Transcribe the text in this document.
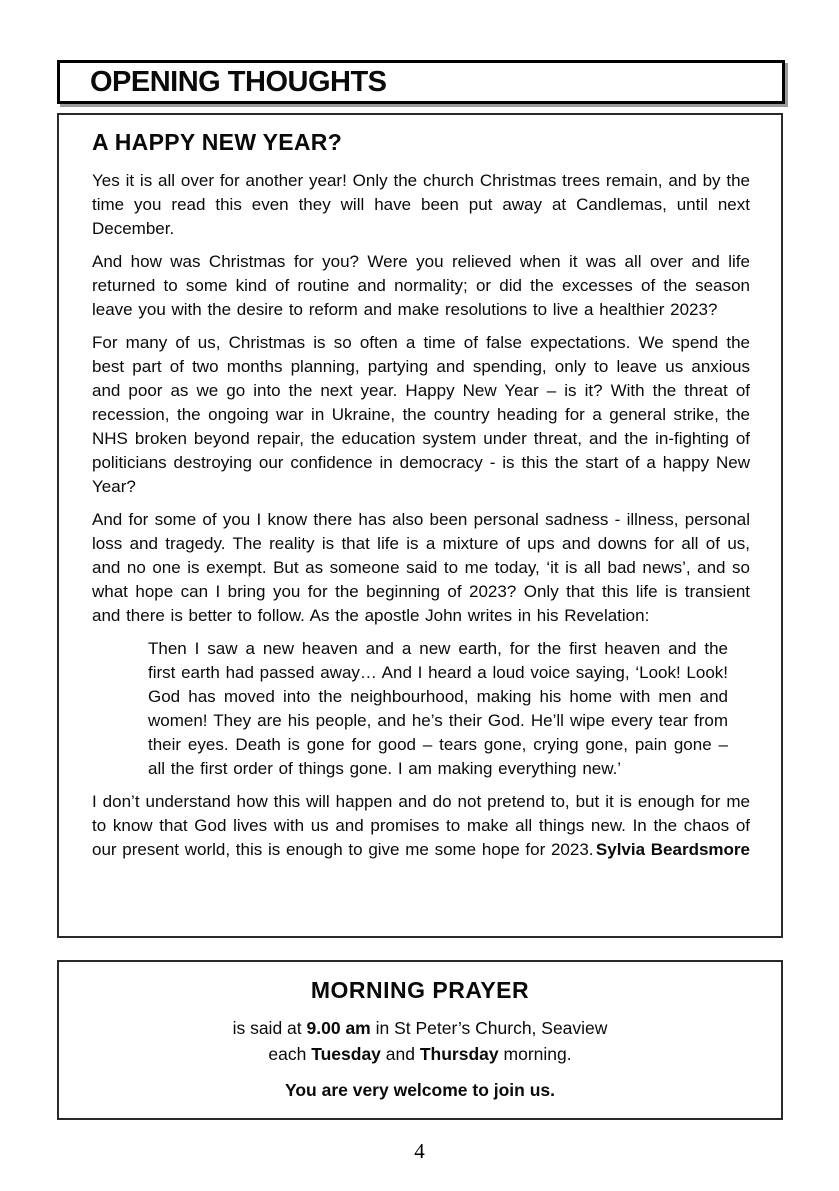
OPENING THOUGHTS
A HAPPY NEW YEAR?

Yes it is all over for another year! Only the church Christmas trees remain, and by the time you read this even they will have been put away at Candlemas, until next December.

And how was Christmas for you? Were you relieved when it was all over and life returned to some kind of routine and normality; or did the excesses of the season leave you with the desire to reform and make resolutions to live a healthier 2023?

For many of us, Christmas is so often a time of false expectations. We spend the best part of two months planning, partying and spending, only to leave us anxious and poor as we go into the next year. Happy New Year – is it? With the threat of recession, the ongoing war in Ukraine, the country heading for a general strike, the NHS broken beyond repair, the education system under threat, and the in-fighting of politicians destroying our confidence in democracy - is this the start of a happy New Year?

And for some of you I know there has also been personal sadness - illness, personal loss and tragedy. The reality is that life is a mixture of ups and downs for all of us, and no one is exempt. But as someone said to me today, ‘it is all bad news’, and so what hope can I bring you for the beginning of 2023? Only that this life is transient and there is better to follow. As the apostle John writes in his Revelation:

Then I saw a new heaven and a new earth, for the first heaven and the first earth had passed away… And I heard a loud voice saying, ‘Look! Look! God has moved into the neighbourhood, making his home with men and women! They are his people, and he’s their God. He’ll wipe every tear from their eyes. Death is gone for good – tears gone, crying gone, pain gone – all the first order of things gone. I am making everything new.’

I don’t understand how this will happen and do not pretend to, but it is enough for me to know that God lives with us and promises to make all things new. In the chaos of our present world, this is enough to give me some hope for 2023. Sylvia Beardsmore

MORNING PRAYER
is said at 9.00 am in St Peter’s Church, Seaview
each Tuesday and Thursday morning.
You are very welcome to join us.
4
